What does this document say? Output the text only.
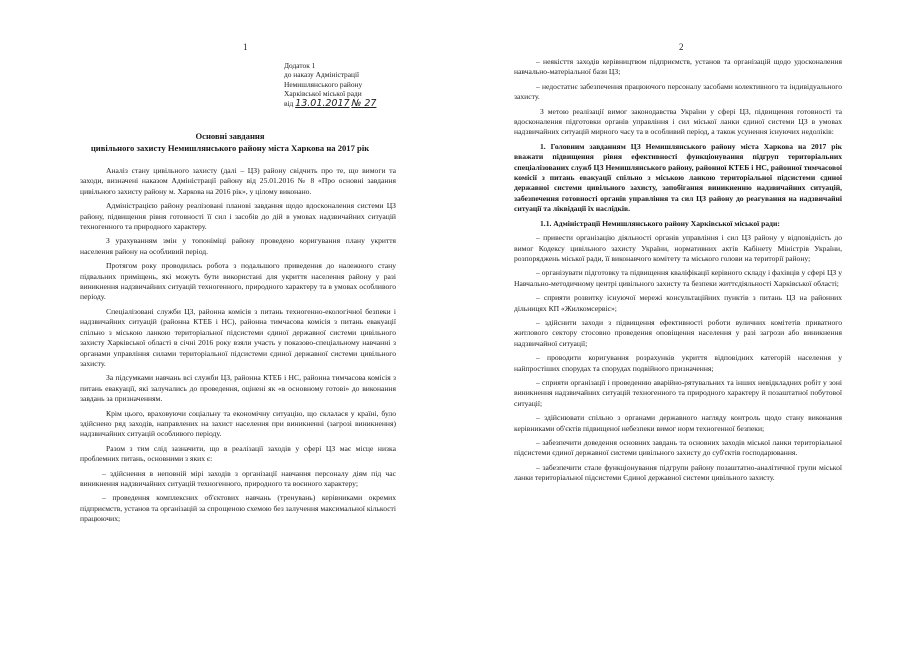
1
Додаток 1
до наказу Адміністрації
Немишлянського району
Харківської міської ради
від 13.01.2017 № 27
Основні завдання
цивільного захисту Немишлянського району міста Харкова на 2017 рік

Аналіз стану цивільного захисту (далі – ЦЗ) району свідчить про те, що вимоги та заходи, визначені наказом Адміністрації району від 25.01.2016 № 8 «Про основні завдання цивільного захисту району м. Харкова на 2016 рік», у цілому виконано.

Адміністрацією району реалізовані планові завдання щодо вдосконалення системи ЦЗ району, підвищення рівня готовності її сил і засобів до дій в умовах надзвичайних ситуацій техногенного та природного характеру.

З урахуванням змін у топоніміці району проведено коригування плану укриття населення району на особливий період.

Протягом року проводилась робота з подальшого приведення до належного стану підвальних приміщень, які можуть бути використані для укриття населення району у разі виникнення надзвичайних ситуацій техногенного, природного характеру та в умовах особливого періоду.

Спеціалізовані служби ЦЗ, районна комісія з питань техногенно-екологічної безпеки і надзвичайних ситуацій (районна КТЕБ і НС), районна тимчасова комісія з питань евакуації спільно з міською ланкою територіальної підсистеми єдиної державної системи цивільного захисту Харківської області в січні 2016 року взяли участь у показово-спеціальному навчанні з органами управління силами територіальної підсистеми єдиної державної системи цивільного захисту.

За підсумками навчань всі служби ЦЗ, районна КТЕБ і НС, районна тимчасова комісія з питань евакуації, які залучались до проведення, оцінені як «в основному готові» до виконання завдань за призначенням.

Крім цього, враховуючи соціальну та економічну ситуацію, що склалася у країні, було здійснено ряд заходів, направлених на захист населення при виникненні (загрозі виникнення) надзвичайних ситуацій особливого періоду.

Разом з тим слід зазначити, що в реалізації заходів у сфері ЦЗ має місце низка проблемних питань, основними з яких є:

– здійснення в неповній мірі заходів з організації навчання персоналу діям під час виникнення надзвичайних ситуацій техногенного, природного та воєнного характеру;

– проведення комплексних об'єктових навчань (тренувань) керівниками окремих підприємств, установ та організацій за спрощеною схемою без залучення максимальної кількості працюючих;

2

– неякісття заходів керівництвом підприємств, установ та організацій щодо удосконалення навчально-матеріальної бази ЦЗ;

– недостатнє забезпечення працюючого персоналу засобами колективного та індивідуального захисту.

З метою реалізації вимог законодавства України у сфері ЦЗ, підвищення готовності та вдосконалення підготовки органів управління і сил міської ланки єдиної системи ЦЗ в умовах надзвичайних ситуацій мирного часу та в особливий період, а також усунення існуючих недоліків:

1. Головним завданням ЦЗ Немишлянського району міста Харкова на 2017 рік вважати підвищення рівня ефективності функціонування підгруп територіальних спеціалізованих служб ЦЗ Немишлянського району, районної КТЕБ і НС, районної тимчасової комісії з питань евакуації спільно з міською ланкою територіальної підсистеми єдиної державної системи цивільного захисту, запобігання виникненню надзвичайних ситуацій, забезпечення готовності органів управління та сил ЦЗ району до реагування на надзвичайні ситуації та ліквідації їх наслідків.

1.1. Адміністрації Немишлянського району Харківської міської ради:

– привести організацію діяльності органів управління і сил ЦЗ району у відповідність до вимог Кодексу цивільного захисту України, нормативних актів Кабінету Міністрів України, розпоряджень міської ради, її виконавчого комітету та міського голови на території району;

– організувати підготовку та підвищення кваліфікації керівного складу і фахівців у сфері ЦЗ у Навчально-методичному центрі цивільного захисту та безпеки життєдіяльності Харківської області;

– сприяти розвитку існуючої мережі консультаційних пунктів з питань ЦЗ на районних дільницях КП «Жилкомсервіс»;

– здійснити заходи з підвищення ефективності роботи вуличних комітетів приватного житлового сектору стосовно проведення оповіщення населення у разі загрози або виникнення надзвичайної ситуації;

– проводити коригування розрахунків укриття відповідних категорій населення у найпростіших спорудах та спорудах подвійного призначення;

– сприяти організації і проведенню аварійно-рятувальних та інших невідкладних робіт у зоні виникнення надзвичайних ситуацій техногенного та природного характеру й позаштатної побутової ситуації;

– здійснювати спільно з органами державного нагляду контроль щодо стану виконання керівниками об'єктів підвищеної небезпеки вимог норм техногенної безпеки;

– забезпечити доведення основних завдань та основних заходів міської ланки територіальної підсистеми єдиної державної системи цивільного захисту до суб'єктів господарювання.

– забезпечити стале функціонування підгрупи району позаштатно-аналітичної групи міської ланки територіальної підсистеми Єдиної державної системи цивільного захисту.
